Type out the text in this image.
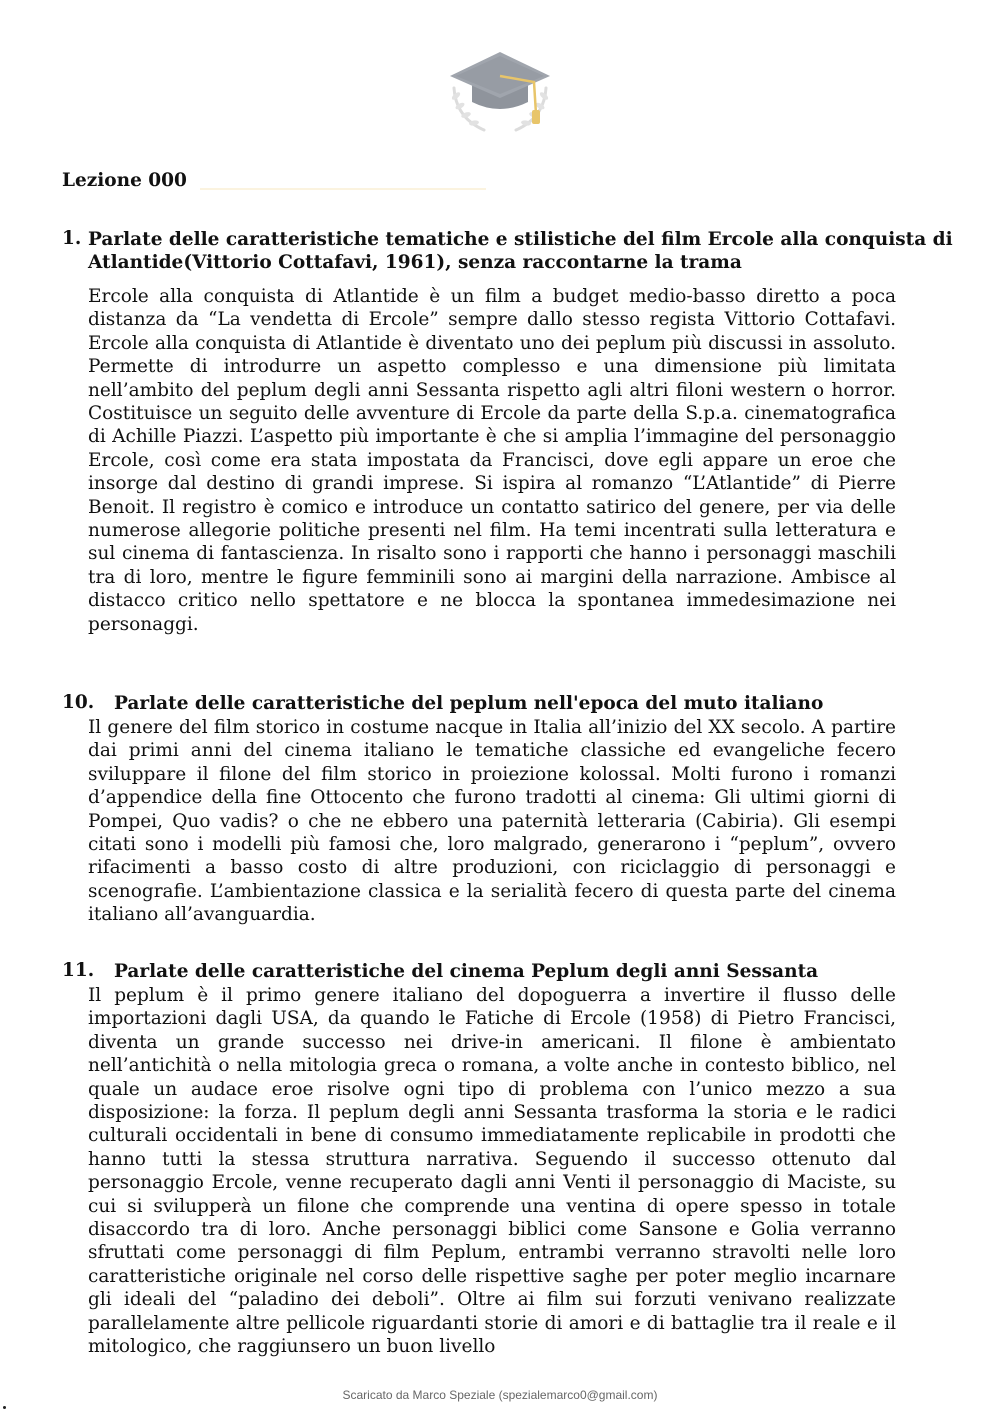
Lezione 000
1. Parlate delle caratteristiche tematiche e stilistiche del film Ercole alla conquista di Atlantide(Vittorio Cottafavi, 1961), senza raccontarne la trama

Ercole alla conquista di Atlantide è un film a budget medio-basso diretto a poca distanza da “La vendetta di Ercole” sempre dallo stesso regista Vittorio Cottafavi. Ercole alla conquista di Atlantide è diventato uno dei peplum più discussi in assoluto. Permette di introdurre un aspetto complesso e una dimensione più limitata nell’ambito del peplum degli anni Sessanta rispetto agli altri filoni western o horror. Costituisce un seguito delle avventure di Ercole da parte della S.p.a. cinematografica di Achille Piazzi. L’aspetto più importante è che si amplia l’immagine del personaggio Ercole, così come era stata impostata da Francisci, dove egli appare un eroe che insorge dal destino di grandi imprese. Si ispira al romanzo “L’Atlantide” di Pierre Benoit. Il registro è comico e introduce un contatto satirico del genere, per via delle numerose allegorie politiche presenti nel film. Ha temi incentrati sulla letteratura e sul cinema di fantascienza. In risalto sono i rapporti che hanno i personaggi maschili tra di loro, mentre le figure femminili sono ai margini della narrazione. Ambisce al distacco critico nello spettatore e ne blocca la spontanea immedesimazione nei personaggi.

10. Parlate delle caratteristiche del peplum nell'epoca del muto italiano

Il genere del film storico in costume nacque in Italia all’inizio del XX secolo. A partire dai primi anni del cinema italiano le tematiche classiche ed evangeliche fecero sviluppare il filone del film storico in proiezione kolossal. Molti furono i romanzi d’appendice della fine Ottocento che furono tradotti al cinema: Gli ultimi giorni di Pompei, Quo vadis? o che ne ebbero una paternità letteraria (Cabiria). Gli esempi citati sono i modelli più famosi che, loro malgrado, generarono i “peplum”, ovvero rifacimenti a basso costo di altre produzioni, con riciclaggio di personaggi e scenografie. L’ambientazione classica e la serialità fecero di questa parte del cinema italiano all’avanguardia.

11. Parlate delle caratteristiche del cinema Peplum degli anni Sessanta

Il peplum è il primo genere italiano del dopoguerra a invertire il flusso delle importazioni dagli USA, da quando le Fatiche di Ercole (1958) di Pietro Francisci, diventa un grande successo nei drive-in americani. Il filone è ambientato nell’antichità o nella mitologia greca o romana, a volte anche in contesto biblico, nel quale un audace eroe risolve ogni tipo di problema con l’unico mezzo a sua disposizione: la forza. Il peplum degli anni Sessanta trasforma la storia e le radici culturali occidentali in bene di consumo immediatamente replicabile in prodotti che hanno tutti la stessa struttura narrativa. Seguendo il successo ottenuto dal personaggio Ercole, venne recuperato dagli anni Venti il personaggio di Maciste, su cui si svilupperà un filone che comprende una ventina di opere spesso in totale disaccordo tra di loro. Anche personaggi biblici come Sansone e Golia verranno sfruttati come personaggi di film Peplum, entrambi verranno stravolti nelle loro caratteristiche originale nel corso delle rispettive saghe per poter meglio incarnare gli ideali del “paladino dei deboli”. Oltre ai film sui forzuti venivano realizzate parallelamente altre pellicole riguardanti storie di amori e di battaglie tra il reale e il mitologico, che raggiunsero un buon livello

Scaricato da Marco Speziale (spezialemarco0@gmail.com)
